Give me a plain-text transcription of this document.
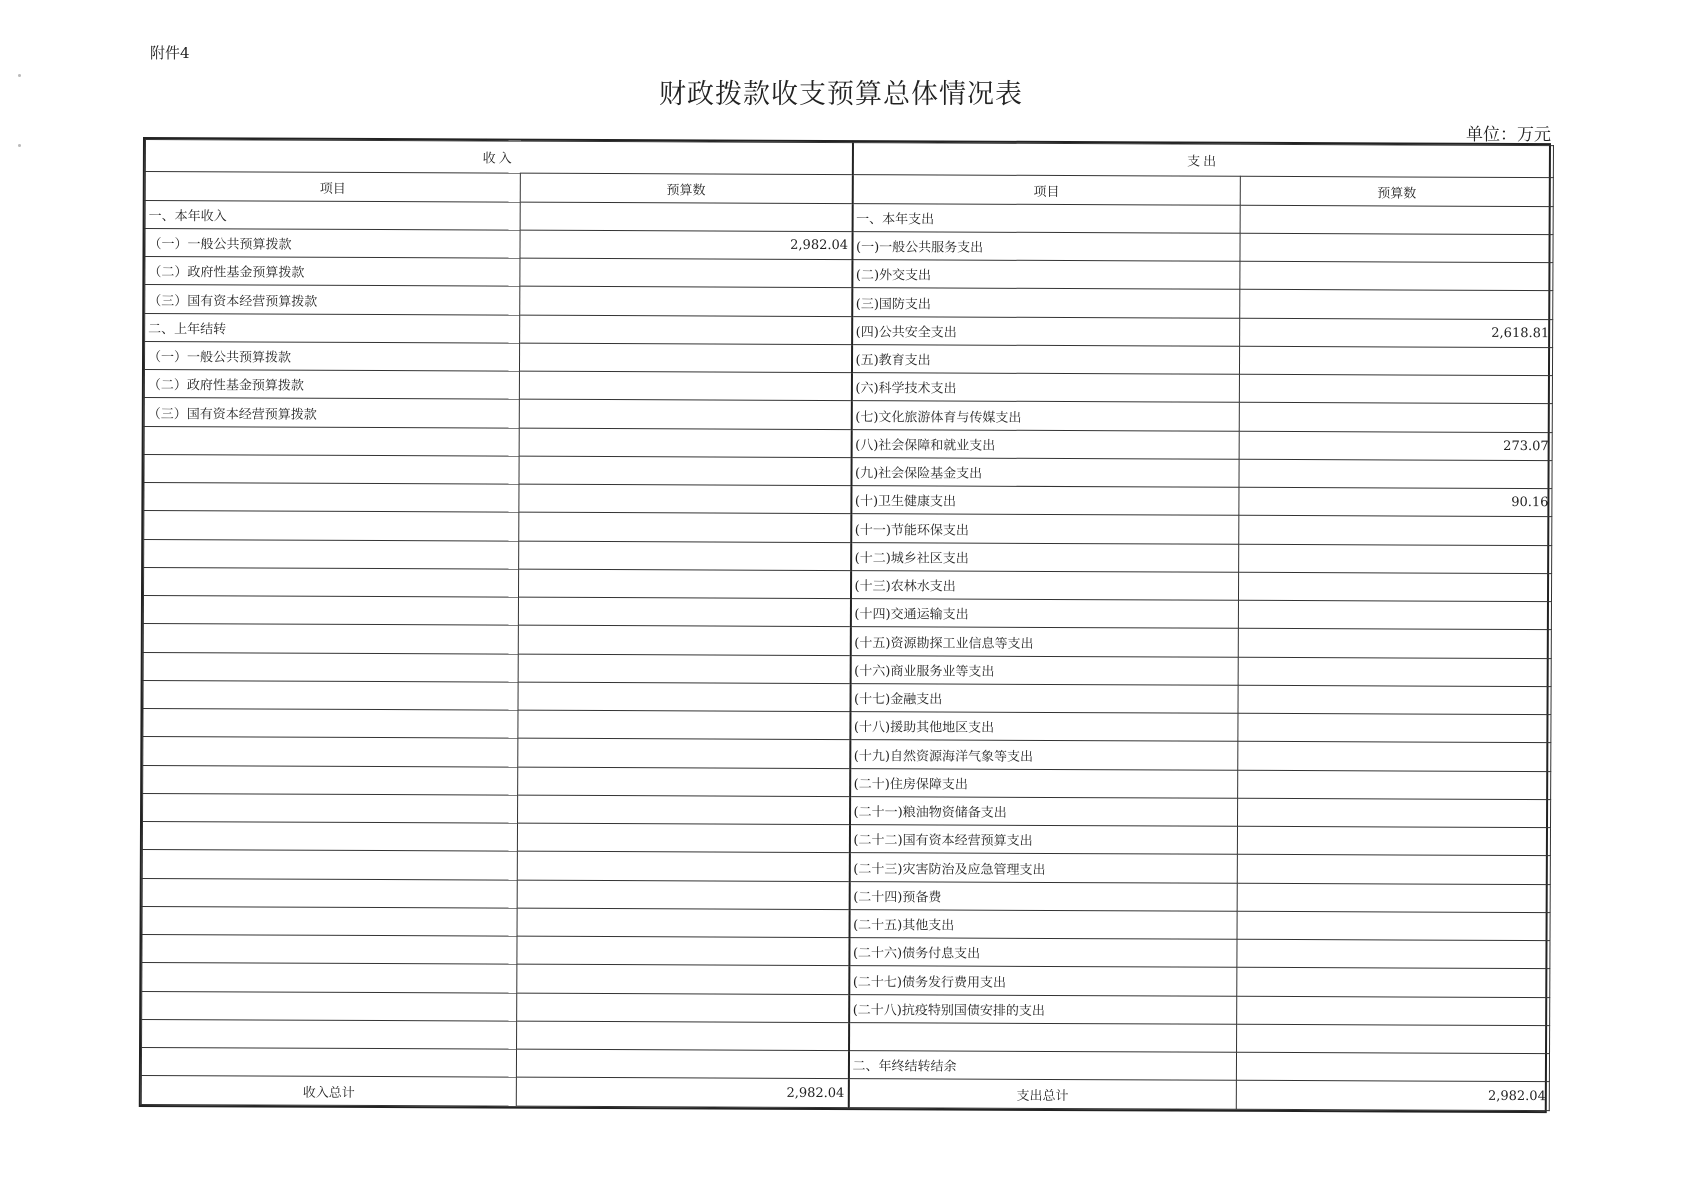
附件4
财政拨款收支预算总体情况表
单位：万元
收入		支出	
项目	预算数	项目	预算数
一、本年收入		一、本年支出	
（一）一般公共预算拨款	2,982.04	(一)一般公共服务支出	
（二）政府性基金预算拨款		(二)外交支出	
（三）国有资本经营预算拨款		(三)国防支出	
二、上年结转		(四)公共安全支出	2,618.81
（一）一般公共预算拨款		(五)教育支出	
（二）政府性基金预算拨款		(六)科学技术支出	
（三）国有资本经营预算拨款		(七)文化旅游体育与传媒支出	
		(八)社会保障和就业支出	273.07
		(九)社会保险基金支出	
		(十)卫生健康支出	90.16
		(十一)节能环保支出	
		(十二)城乡社区支出	
		(十三)农林水支出	
		(十四)交通运输支出	
		(十五)资源勘探工业信息等支出	
		(十六)商业服务业等支出	
		(十七)金融支出	
		(十八)援助其他地区支出	
		(十九)自然资源海洋气象等支出	
		(二十)住房保障支出	
		(二十一)粮油物资储备支出	
		(二十二)国有资本经营预算支出	
		(二十三)灾害防治及应急管理支出	
		(二十四)预备费	
		(二十五)其他支出	
		(二十六)债务付息支出	
		(二十七)债务发行费用支出	
		(二十八)抗疫特别国债安排的支出	

		二、年终结转结余	
收入总计	2,982.04	支出总计	2,982.04
